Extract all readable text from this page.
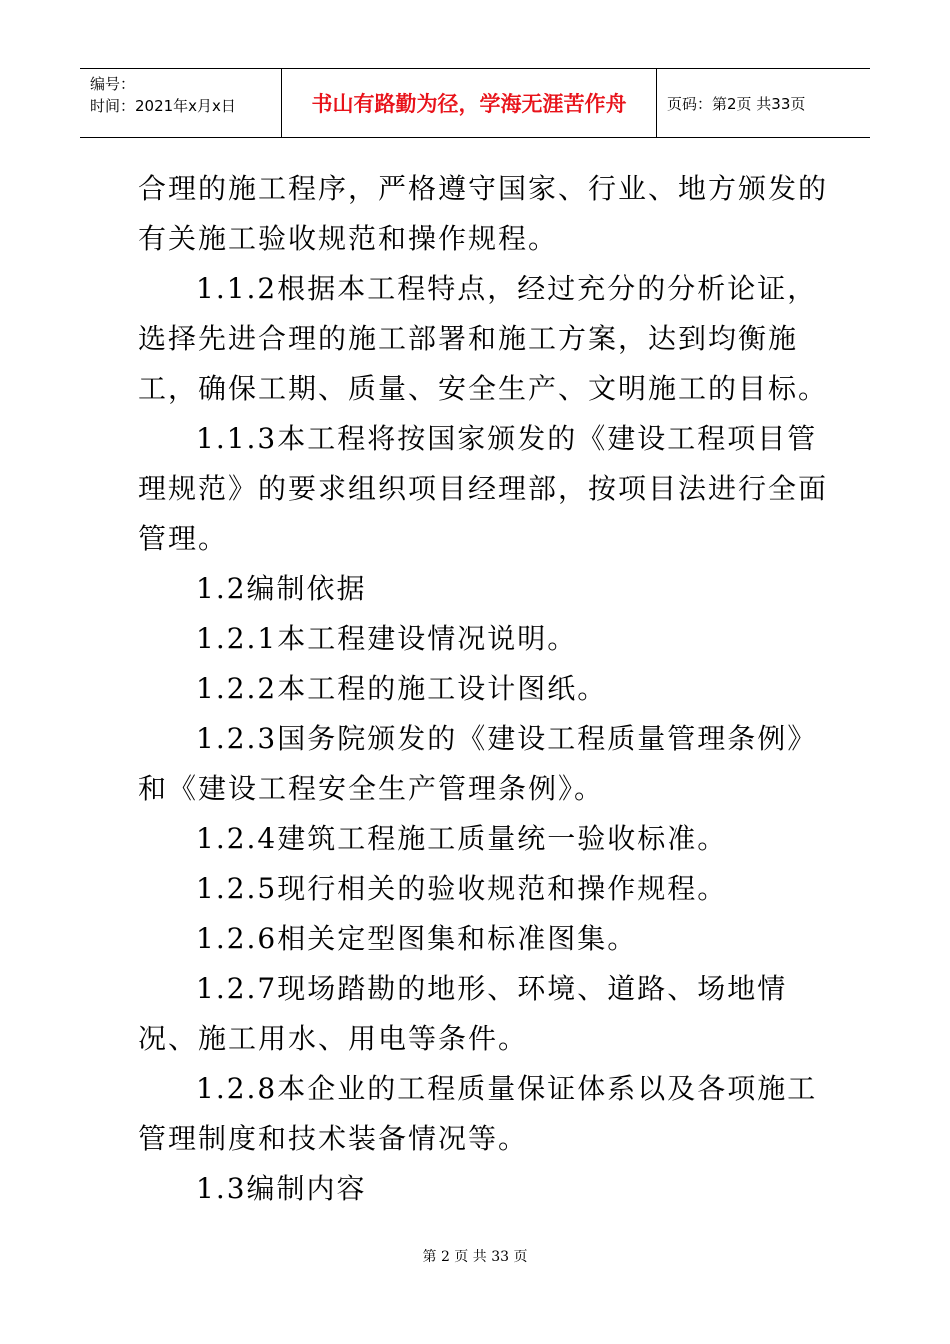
编号：
时间：2021年x月x日	书山有路勤为径，学海无涯苦作舟	页码：第2页 共33页

合理的施工程序，严格遵守国家、行业、地方颁发的有关施工验收规范和操作规程。

1.1.2根据本工程特点，经过充分的分析论证，选择先进合理的施工部署和施工方案，达到均衡施工，确保工期、质量、安全生产、文明施工的目标。

1.1.3本工程将按国家颁发的《建设工程项目管理规范》的要求组织项目经理部，按项目法进行全面管理。

1.2编制依据

1.2.1本工程建设情况说明。

1.2.2本工程的施工设计图纸。

1.2.3国务院颁发的《建设工程质量管理条例》和《建设工程安全生产管理条例》。

1.2.4建筑工程施工质量统一验收标准。

1.2.5现行相关的验收规范和操作规程。

1.2.6相关定型图集和标准图集。

1.2.7现场踏勘的地形、环境、道路、场地情况、施工用水、用电等条件。

1.2.8本企业的工程质量保证体系以及各项施工管理制度和技术装备情况等。

1.3编制内容

第 2 页 共 33 页
